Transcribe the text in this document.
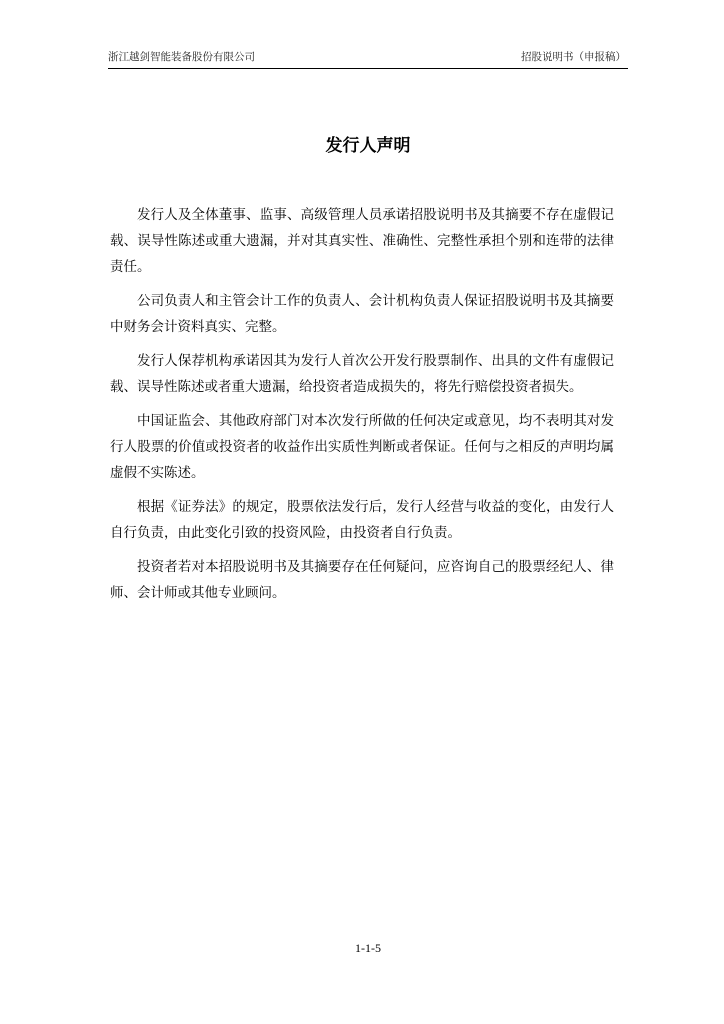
浙江越剑智能装备股份有限公司	招股说明书（申报稿）
发行人声明

发行人及全体董事、监事、高级管理人员承诺招股说明书及其摘要不存在虚假记载、误导性陈述或重大遗漏，并对其真实性、准确性、完整性承担个别和连带的法律责任。

公司负责人和主管会计工作的负责人、会计机构负责人保证招股说明书及其摘要中财务会计资料真实、完整。

发行人保荐机构承诺因其为发行人首次公开发行股票制作、出具的文件有虚假记载、误导性陈述或者重大遗漏，给投资者造成损失的，将先行赔偿投资者损失。

中国证监会、其他政府部门对本次发行所做的任何决定或意见，均不表明其对发行人股票的价值或投资者的收益作出实质性判断或者保证。任何与之相反的声明均属虚假不实陈述。

根据《证券法》的规定，股票依法发行后，发行人经营与收益的变化，由发行人自行负责，由此变化引致的投资风险，由投资者自行负责。

投资者若对本招股说明书及其摘要存在任何疑问，应咨询自己的股票经纪人、律师、会计师或其他专业顾问。

1-1-5
